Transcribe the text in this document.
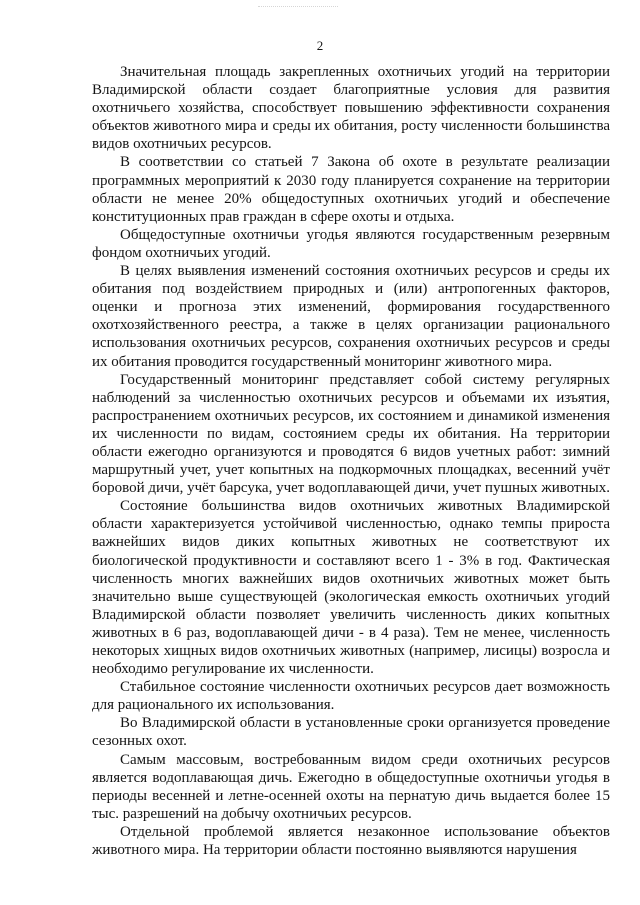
2

Значительная площадь закрепленных охотничьих угодий на территории Владимирской области создает благоприятные условия для развития охотничьего хозяйства, способствует повышению эффективности сохранения объектов животного мира и среды их обитания, росту численности большинства видов охотничьих ресурсов.

В соответствии со статьей 7 Закона об охоте в результате реализации программных мероприятий к 2030 году планируется сохранение на территории области не менее 20% общедоступных охотничьих угодий и обеспечение конституционных прав граждан в сфере охоты и отдыха.

Общедоступные охотничьи угодья являются государственным резервным фондом охотничьих угодий.

В целях выявления изменений состояния охотничьих ресурсов и среды их обитания под воздействием природных и (или) антропогенных факторов, оценки и прогноза этих изменений, формирования государственного охотхозяйственного реестра, а также в целях организации рационального использования охотничьих ресурсов, сохранения охотничьих ресурсов и среды их обитания проводится государственный мониторинг животного мира.

Государственный мониторинг представляет собой систему регулярных наблюдений за численностью охотничьих ресурсов и объемами их изъятия, распространением охотничьих ресурсов, их состоянием и динамикой изменения их численности по видам, состоянием среды их обитания. На территории области ежегодно организуются и проводятся 6 видов учетных работ: зимний маршрутный учет, учет копытных на подкормочных площадках, весенний учёт боровой дичи, учёт барсука, учет водоплавающей дичи, учет пушных животных.

Состояние большинства видов охотничьих животных Владимирской области характеризуется устойчивой численностью, однако темпы прироста важнейших видов диких копытных животных не соответствуют их биологической продуктивности и составляют всего 1 - 3% в год. Фактическая численность многих важнейших видов охотничьих животных может быть значительно выше существующей (экологическая емкость охотничьих угодий Владимирской области позволяет увеличить численность диких копытных животных в 6 раз, водоплавающей дичи - в 4 раза). Тем не менее, численность некоторых хищных видов охотничьих животных (например, лисицы) возросла и необходимо регулирование их численности.

Стабильное состояние численности охотничьих ресурсов дает возможность для рационального их использования.

Во Владимирской области в установленные сроки организуется проведение сезонных охот.

Самым массовым, востребованным видом среди охотничьих ресурсов является водоплавающая дичь. Ежегодно в общедоступные охотничьи угодья в периоды весенней и летне-осенней охоты на пернатую дичь выдается более 15 тыс. разрешений на добычу охотничьих ресурсов.

Отдельной проблемой является незаконное использование объектов животного мира. На территории области постоянно выявляются нарушения
